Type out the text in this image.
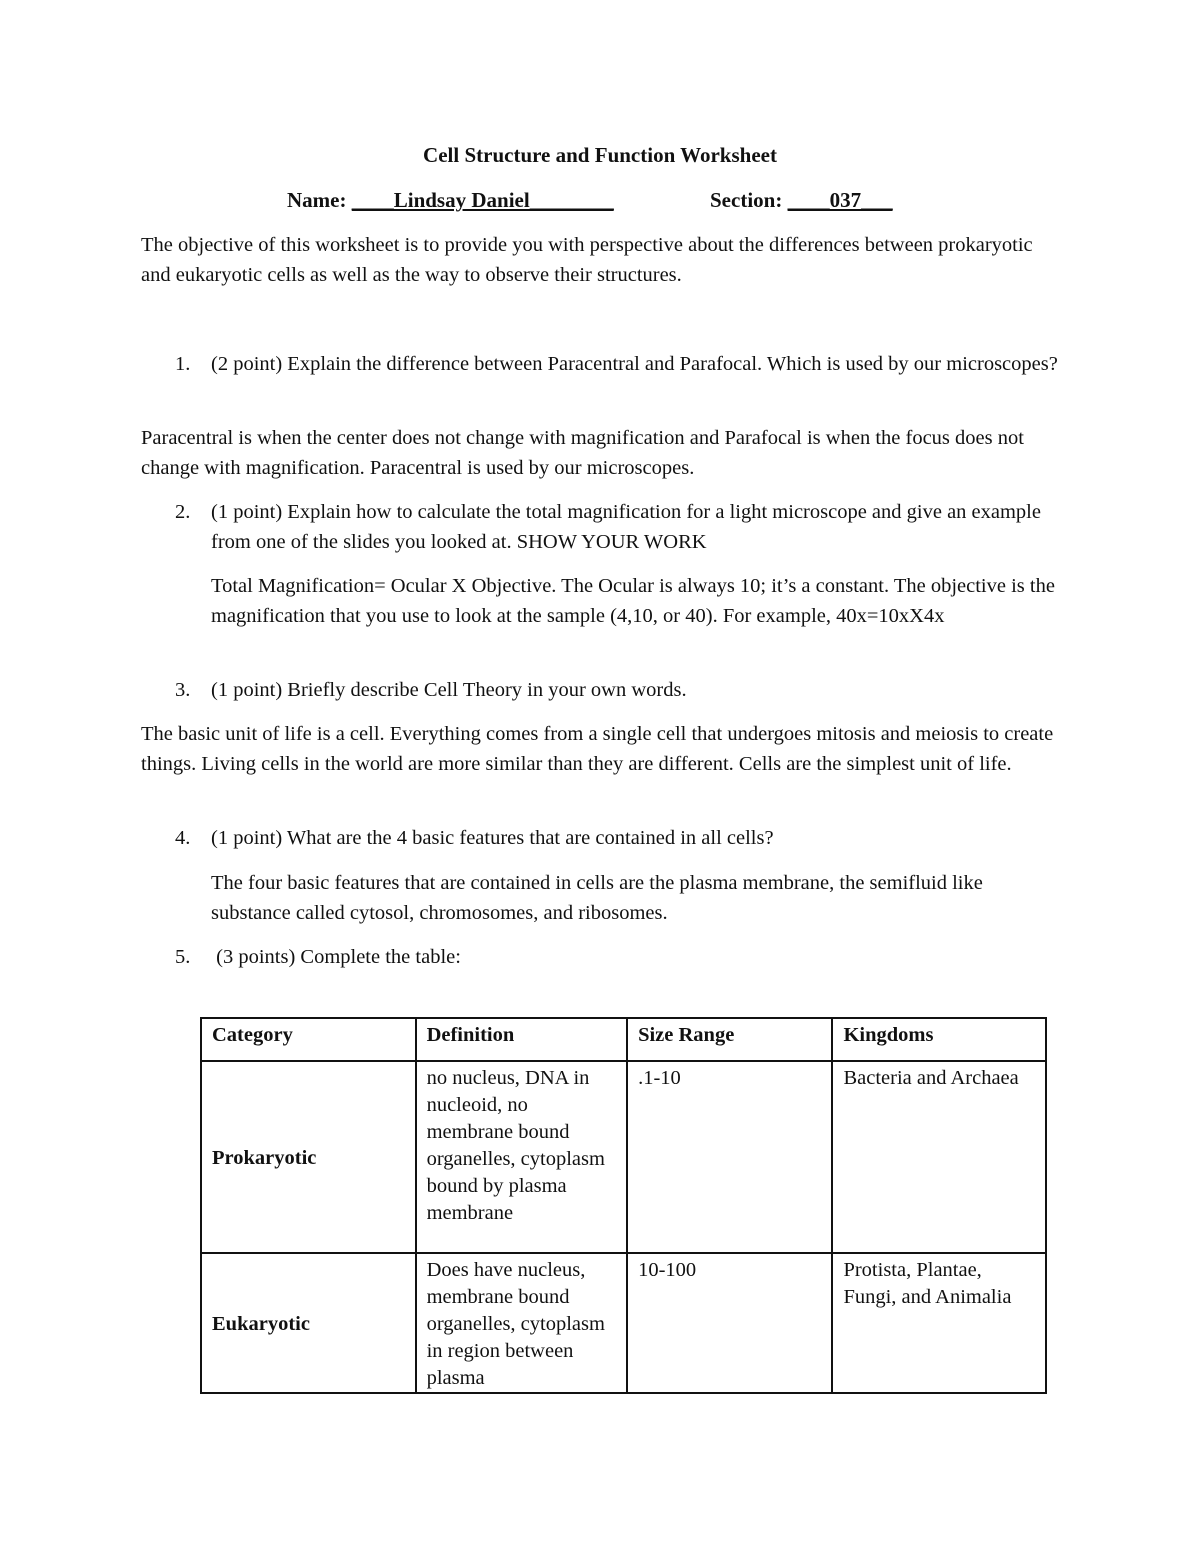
Cell Structure and Function Worksheet
Name: ____Lindsay Daniel________	Section: ____037___
The objective of this worksheet is to provide you with perspective about the differences between prokaryotic and eukaryotic cells as well as the way to observe their structures.
1. (2 point) Explain the difference between Paracentral and Parafocal. Which is used by our microscopes?
Paracentral is when the center does not change with magnification and Parafocal is when the focus does not change with magnification. Paracentral is used by our microscopes.
2. (1 point) Explain how to calculate the total magnification for a light microscope and give an example from one of the slides you looked at. SHOW YOUR WORK
Total Magnification= Ocular X Objective. The Ocular is always 10; it’s a constant. The objective is the magnification that you use to look at the sample (4,10, or 40). For example, 40x=10xX4x
3. (1 point) Briefly describe Cell Theory in your own words.
The basic unit of life is a cell. Everything comes from a single cell that undergoes mitosis and meiosis to create things. Living cells in the world are more similar than they are different. Cells are the simplest unit of life.
4. (1 point) What are the 4 basic features that are contained in all cells?
The four basic features that are contained in cells are the plasma membrane, the semifluid like substance called cytosol, chromosomes, and ribosomes.
5. (3 points) Complete the table:
Category	Definition	Size Range	Kingdoms
Prokaryotic	no nucleus, DNA in nucleoid, no membrane bound organelles, cytoplasm bound by plasma membrane	.1-10	Bacteria and Archaea
Eukaryotic	Does have nucleus, membrane bound organelles, cytoplasm in region between plasma	10-100	Protista, Plantae, Fungi, and Animalia
